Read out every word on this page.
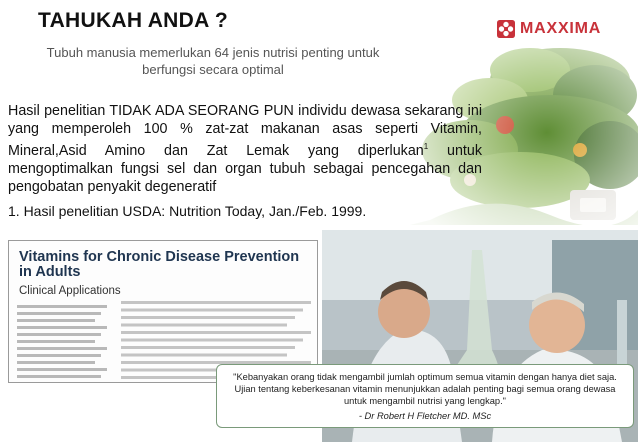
TAHUKAH ANDA ?
Tubuh manusia memerlukan 64 jenis nutrisi penting untuk
berfungsi secara optimal
MAXXIMA
Hasil penelitian TIDAK ADA SEORANG PUN individu dewasa sekarang ini yang memperoleh 100 % zat-zat makanan asas seperti Vitamin, Mineral,Asid Amino dan Zat Lemak yang diperlukan$^1$ untuk mengoptimalkan fungsi sel dan organ tubuh sebagai pencegahan dan pengobatan penyakit degeneratif
1. Hasil penelitian USDA: Nutrition Today, Jan./Feb. 1999.
Vitamins for Chronic Disease Prevention
in Adults
Clinical Applications
"Kebanyakan orang tidak mengambil jumlah optimum semua vitamin dengan hanya diet saja. Ujian tentang keberkesanan vitamin menunjukkan adalah penting bagi semua orang dewasa untuk mengambil nutrisi yang lengkap."
- Dr Robert H Fletcher MD. MSc
